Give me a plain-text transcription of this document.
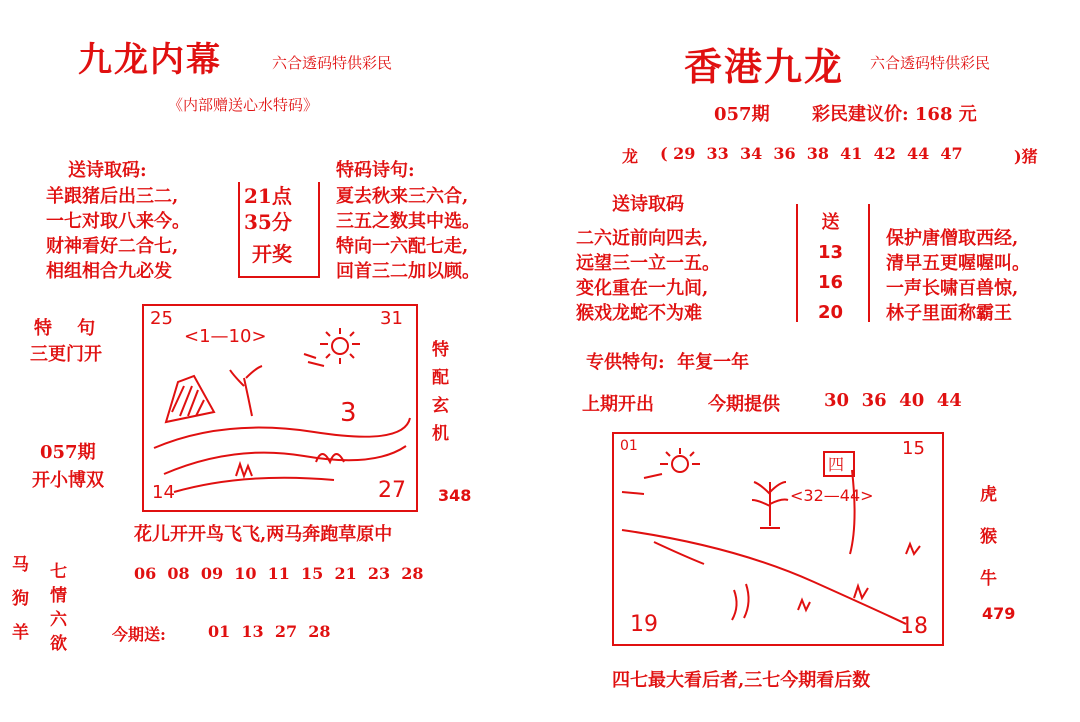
九龙内幕	六合透码特供彩民
《内部赠送心水特码》
送诗取码:
羊跟猪后出三二,
一七对取八来今。
财神看好二合七,
相组相合九必发
21点
35分
开奖
特码诗句:
夏去秋来三六合,
三五之数其中选。
特向一六配七走,
回首三二加以顾。
特    句
三更门开
057期
开小博双
25	31
14	27
<1—10>
3
特
配
玄
机
348
花儿开开鸟飞飞,两马奔跑草原中
马
狗
羊
七
情
六
欲
06  08  09  10  11  15  21  23  28
今期送:	01  13  27  28
香港九龙 六合透码特供彩民
057期 彩民建议价: 168 元
龙 ( 29  33  34  36  38  41  42  44  47	)猪
送诗取码
二六近前向四去,
远望三一立一五。
变化重在一九间,
猴戏龙蛇不为难
送
13
16
20
保护唐僧取西经,
清早五更喔喔叫。
一声长啸百兽惊,
林子里面称霸王
专供特句:  年复一年
上期开出	今期提供 30  36  40  44
01	15
19	18
<32—44>
四
虎
猴
牛
479
四七最大看后者,三七今期看后数
